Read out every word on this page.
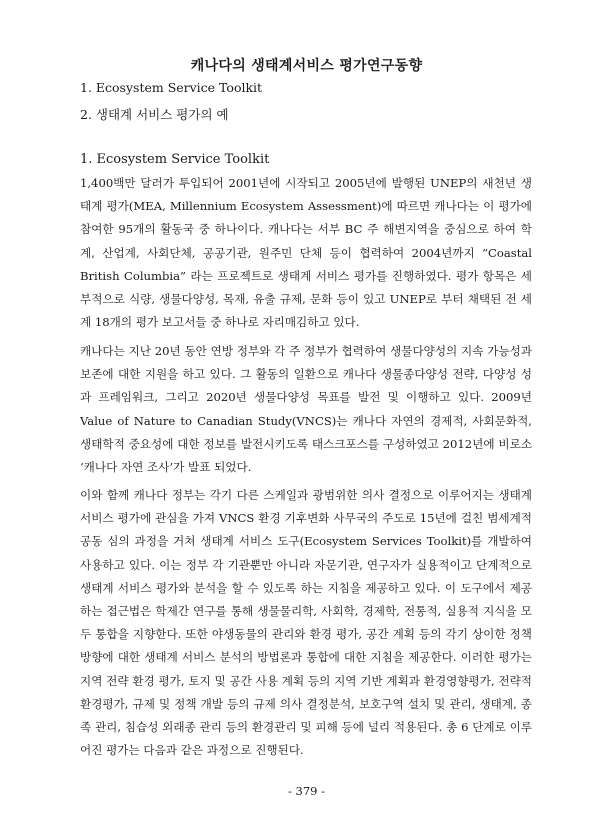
캐나다의 생태계서비스 평가연구동향
1. Ecosystem Service Toolkit
2. 생태계 서비스 평가의 예
1. Ecosystem Service Toolkit

1,400백만 달러가 투입되어 2001년에 시작되고 2005년에 발행된 UNEP의 새천년 생태계 평가(MEA, Millennium Ecosystem Assessment)에 따르면 캐나다는 이 평가에 참여한 95개의 활동국 중 하나이다. 캐나다는 서부 BC 주 해변지역을 중심으로 하여 학계, 산업계, 사회단체, 공공기관, 원주민 단체 등이 협력하여 2004년까지 “Coastal British Columbia” 라는 프로젝트로 생태계 서비스 평가를 진행하였다. 평가 항목은 세부적으로 식량, 생물다양성, 목재, 유출 규제, 문화 등이 있고 UNEP로 부터 채택된 전 세계 18개의 평가 보고서들 중 하나로 자리매김하고 있다.

캐나다는 지난 20년 동안 연방 정부와 각 주 정부가 협력하여 생물다양성의 지속 가능성과 보존에 대한 지원을 하고 있다. 그 활동의 일환으로 캐나다 생물종다양성 전략, 다양성 성과 프레임워크, 그리고 2020년 생물다양성 목표를 발전 및 이행하고 있다. 2009년 Value of Nature to Canadian Study(VNCS)는 캐나다 자연의 경제적, 사회문화적, 생태학적 중요성에 대한 정보를 발전시키도록 태스크포스를 구성하였고 2012년에 비로소 ‘캐나다 자연 조사’가 발표 되었다.

이와 함께 캐나다 정부는 각기 다른 스케일과 광범위한 의사 결정으로 이루어지는 생태계 서비스 평가에 관심을 가져 VNCS 환경 기후변화 사무국의 주도로 15년에 걸친 범세계적 공동 심의 과정을 거쳐 생태계 서비스 도구(Ecosystem Services Toolkit)를 개발하여 사용하고 있다. 이는 정부 각 기관뿐만 아니라 자문기관, 연구자가 실용적이고 단계적으로 생태계 서비스 평가와 분석을 할 수 있도록 하는 지침을 제공하고 있다. 이 도구에서 제공하는 접근법은 학제간 연구를 통해 생물물리학, 사회학, 경제학, 전통적, 실용적 지식을 모두 통합을 지향한다. 또한 야생동물의 관리와 환경 평가, 공간 계획 등의 각기 상이한 정책 방향에 대한 생태계 서비스 분석의 방법론과 통합에 대한 지침을 제공한다. 이러한 평가는 지역 전략 환경 평가, 토지 및 공간 사용 계획 등의 지역 기반 계획과 환경영향평가, 전략적 환경평가, 규제 및 정책 개발 등의 규제 의사 결정분석, 보호구역 설치 및 관리, 생태계, 종족 관리, 침습성 외래종 관리 등의 환경관리 및 피해 등에 널리 적용된다. 총 6 단계로 이루어진 평가는 다음과 같은 과정으로 진행된다.

- 379 -
